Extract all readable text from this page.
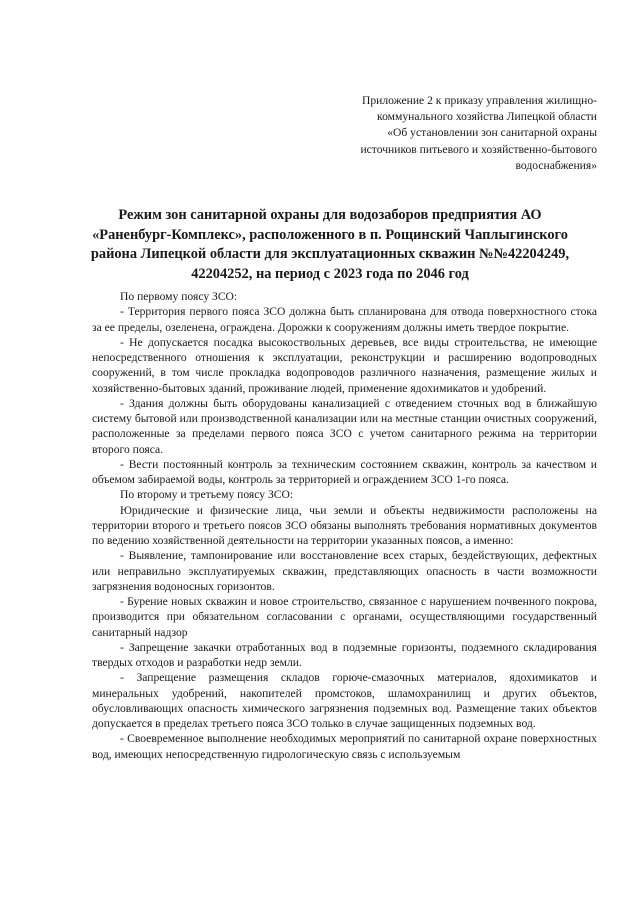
Приложение 2 к приказу управления жилищно-
коммунального хозяйства Липецкой области
«Об установлении зон санитарной охраны
источников питьевого и хозяйственно-бытового
водоснабжения»
Режим зон санитарной охраны для водозаборов предприятия АО
«Раненбург-Комплекс», расположенного в п. Рощинский Чаплыгинского
района Липецкой области для эксплуатационных скважин №№42204249,
42204252, на период с 2023 года по 2046 год

По первому поясу ЗСО:

- Территория первого пояса ЗСО должна быть спланирована для отвода поверхностного стока за ее пределы, озеленена, ограждена. Дорожки к сооружениям должны иметь твердое покрытие.

- Не допускается посадка высокоствольных деревьев, все виды строительства, не имеющие непосредственного отношения к эксплуатации, реконструкции и расширению водопроводных сооружений, в том числе прокладка водопроводов различного назначения, размещение жилых и хозяйственно-бытовых зданий, проживание людей, применение ядохимикатов и удобрений.

- Здания должны быть оборудованы канализацией с отведением сточных вод в ближайшую систему бытовой или производственной канализации или на местные станции очистных сооружений, расположенные за пределами первого пояса ЗСО с учетом санитарного режима на территории второго пояса.

- Вести постоянный контроль за техническим состоянием скважин, контроль за качеством и объемом забираемой воды, контроль за территорией и ограждением ЗСО 1-го пояса.

По второму и третьему поясу ЗСО:

Юридические и физические лица, чьи земли и объекты недвижимости расположены на территории второго и третьего поясов ЗСО обязаны выполнять требования нормативных документов по ведению хозяйственной деятельности на территории указанных поясов, а именно:

- Выявление, тампонирование или восстановление всех старых, бездействующих, дефектных или неправильно эксплуатируемых скважин, представляющих опасность в части возможности загрязнения водоносных горизонтов.

- Бурение новых скважин и новое строительство, связанное с нарушением почвенного покрова, производится при обязательном согласовании с органами, осуществляющими государственный санитарный надзор

- Запрещение закачки отработанных вод в подземные горизонты, подземного складирования твердых отходов и разработки недр земли.

- Запрещение размещения складов горюче-смазочных материалов, ядохимикатов и минеральных удобрений, накопителей промстоков, шламохранилищ и других объектов, обусловливающих опасность химического загрязнения подземных вод. Размещение таких объектов допускается в пределах третьего пояса ЗСО только в случае защищенных подземных вод.

- Своевременное выполнение необходимых мероприятий по санитарной охране поверхностных вод, имеющих непосредственную гидрологическую связь с используемым
